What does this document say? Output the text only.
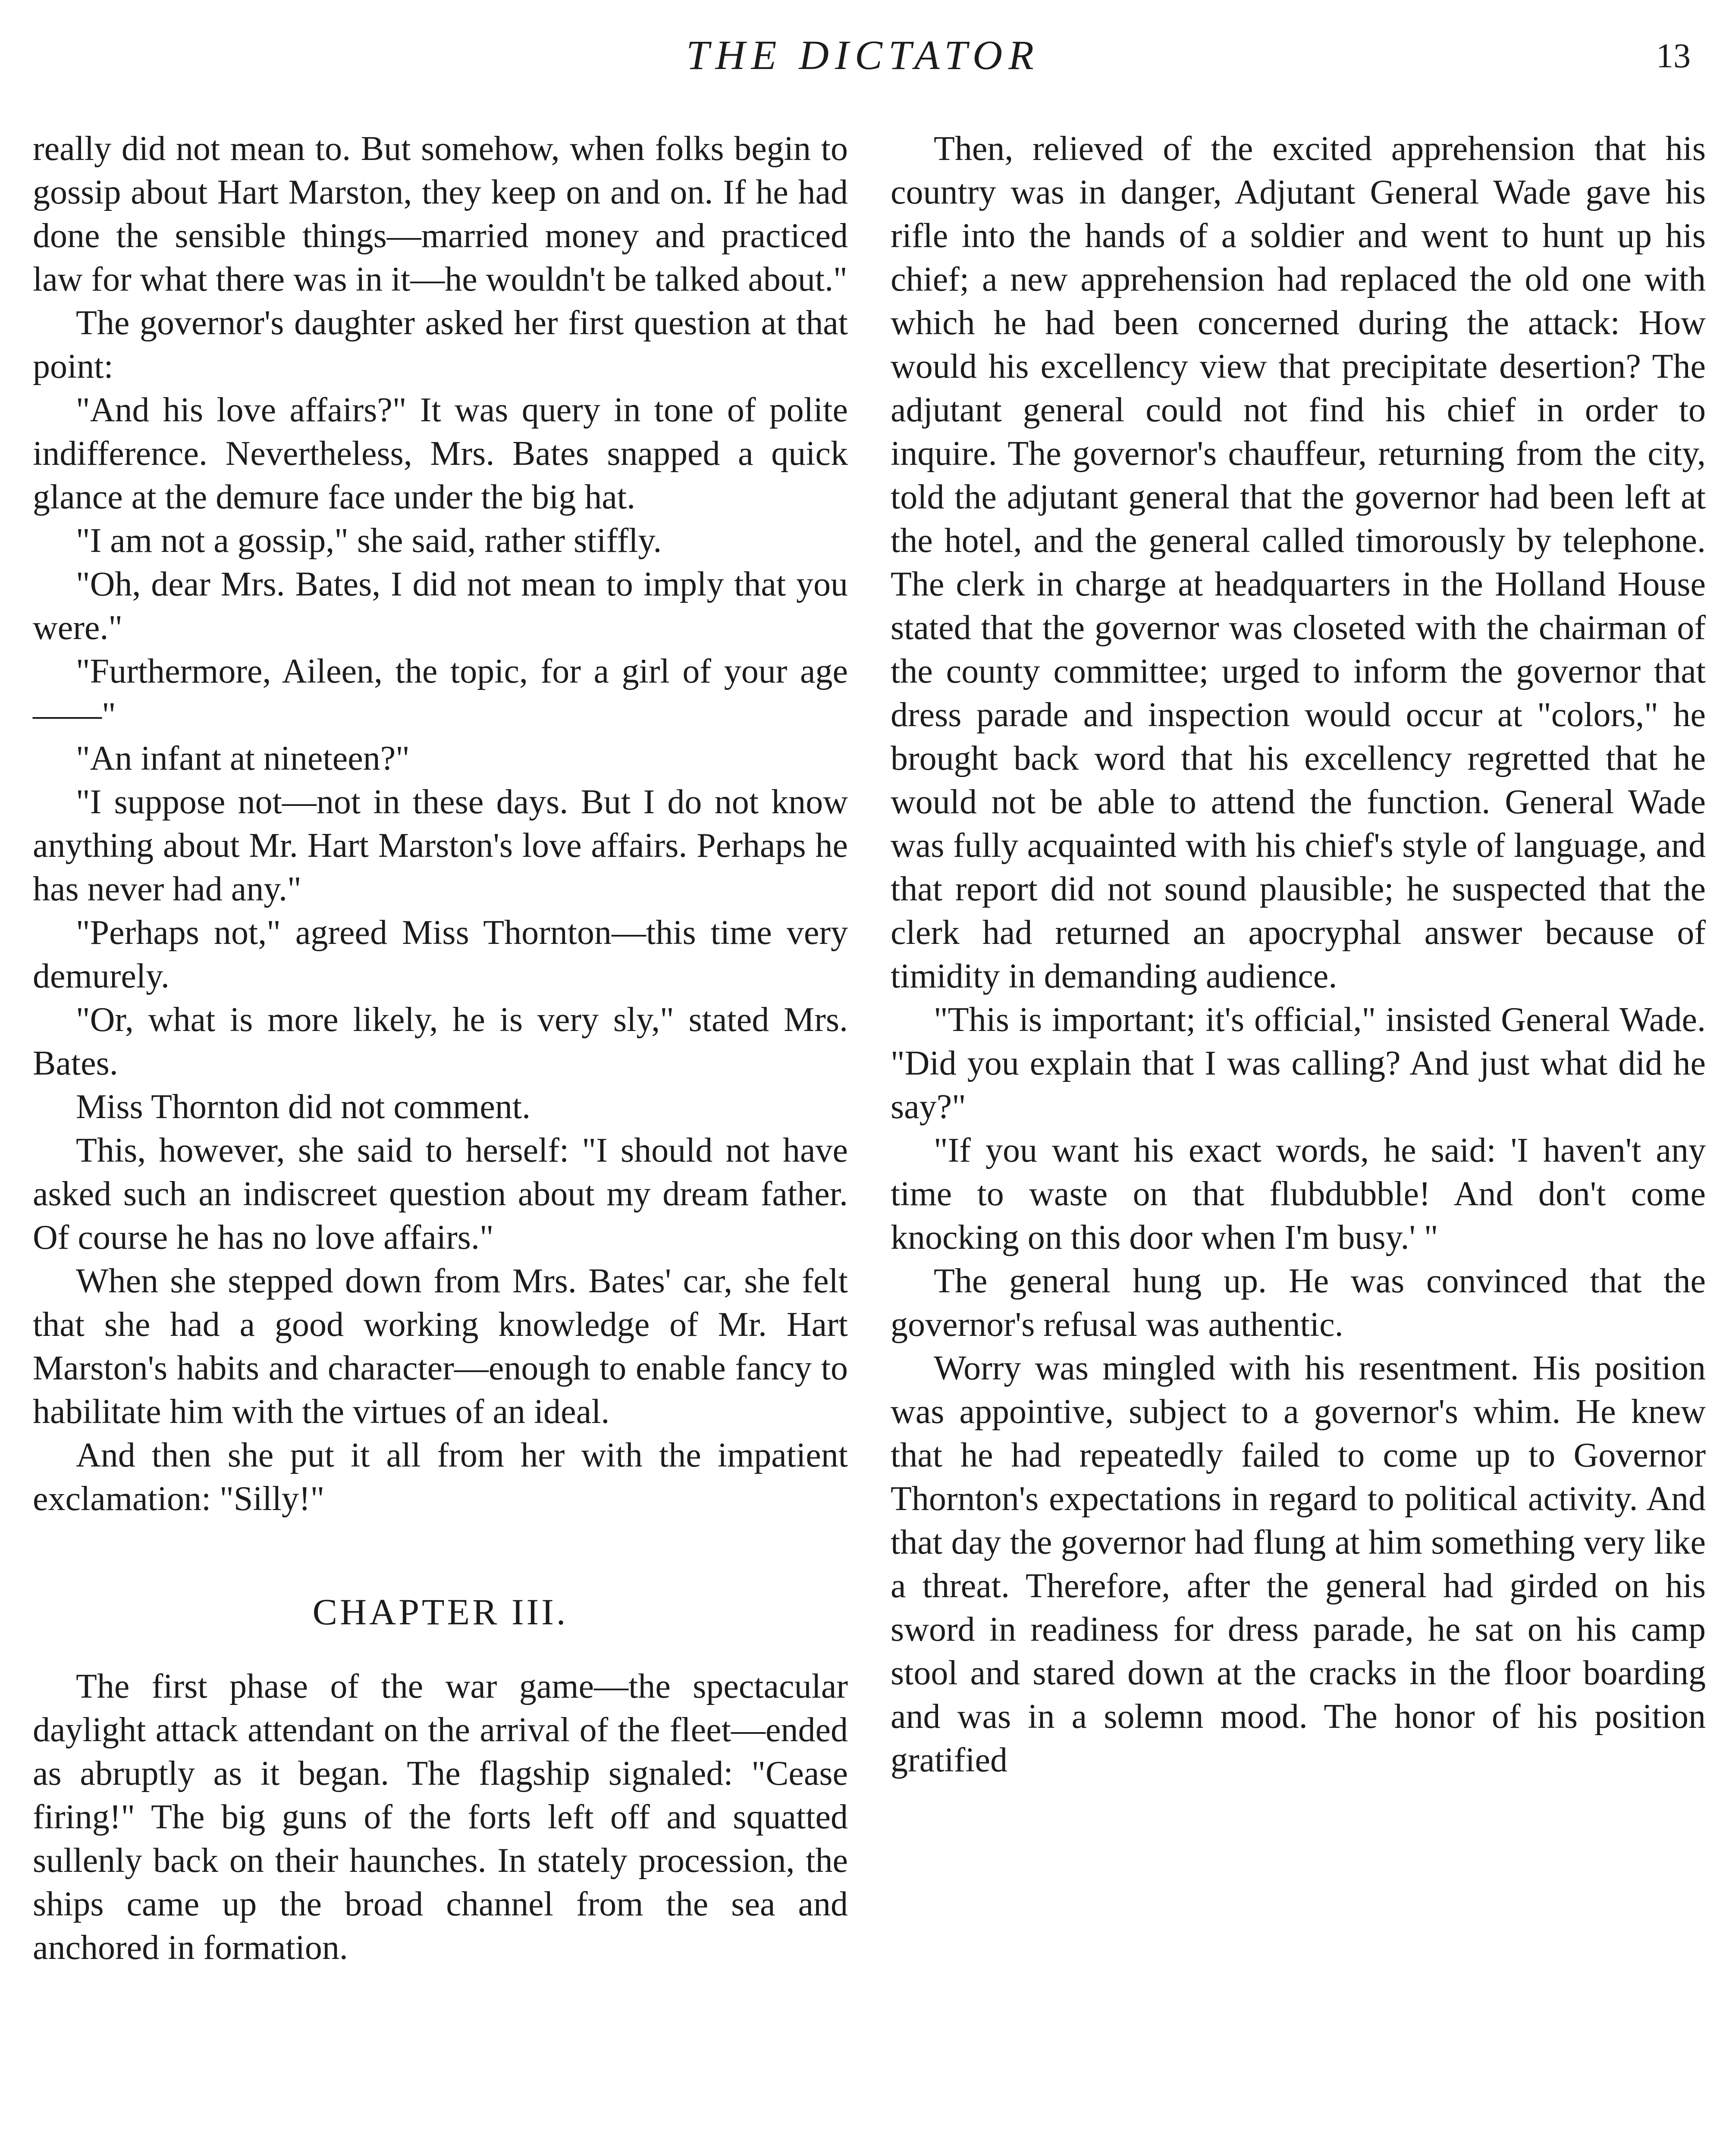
THE DICTATOR	13

really did not mean to. But somehow, when folks begin to gossip about Hart Marston, they keep on and on. If he had done the sensible things—married money and practiced law for what there was in it—he wouldn't be talked about."

The governor's daughter asked her first question at that point:

"And his love affairs?" It was query in tone of polite indifference. Nevertheless, Mrs. Bates snapped a quick glance at the demure face under the big hat.

"I am not a gossip," she said, rather stiffly.

"Oh, dear Mrs. Bates, I did not mean to imply that you were."

"Furthermore, Aileen, the topic, for a girl of your age——"

"An infant at nineteen?"

"I suppose not—not in these days. But I do not know anything about Mr. Hart Marston's love affairs. Perhaps he has never had any."

"Perhaps not," agreed Miss Thornton—this time very demurely.

"Or, what is more likely, he is very sly," stated Mrs. Bates.

Miss Thornton did not comment.

This, however, she said to herself: "I should not have asked such an indiscreet question about my dream father. Of course he has no love affairs."

When she stepped down from Mrs. Bates' car, she felt that she had a good working knowledge of Mr. Hart Marston's habits and character—enough to enable fancy to habilitate him with the virtues of an ideal.

And then she put it all from her with the impatient exclamation: "Silly!"

CHAPTER III.

The first phase of the war game—the spectacular daylight attack attendant on the arrival of the fleet—ended as abruptly as it began. The flagship signaled: "Cease firing!" The big guns of the forts left off and squatted sullenly back on their haunches. In stately procession, the ships came up the broad channel from the sea and anchored in formation.

Then, relieved of the excited apprehension that his country was in danger, Adjutant General Wade gave his rifle into the hands of a soldier and went to hunt up his chief; a new apprehension had replaced the old one with which he had been concerned during the attack: How would his excellency view that precipitate desertion? The adjutant general could not find his chief in order to inquire. The governor's chauffeur, returning from the city, told the adjutant general that the governor had been left at the hotel, and the general called timorously by telephone. The clerk in charge at headquarters in the Holland House stated that the governor was closeted with the chairman of the county committee; urged to inform the governor that dress parade and inspection would occur at "colors," he brought back word that his excellency regretted that he would not be able to attend the function. General Wade was fully acquainted with his chief's style of language, and that report did not sound plausible; he suspected that the clerk had returned an apocryphal answer because of timidity in demanding audience.

"This is important; it's official," insisted General Wade. "Did you explain that I was calling? And just what did he say?"

"If you want his exact words, he said: 'I haven't any time to waste on that flubdubble! And don't come knocking on this door when I'm busy.' "

The general hung up. He was convinced that the governor's refusal was authentic.

Worry was mingled with his resentment. His position was appointive, subject to a governor's whim. He knew that he had repeatedly failed to come up to Governor Thornton's expectations in regard to political activity. And that day the governor had flung at him something very like a threat. Therefore, after the general had girded on his sword in readiness for dress parade, he sat on his camp stool and stared down at the cracks in the floor boarding and was in a solemn mood. The honor of his position gratified
